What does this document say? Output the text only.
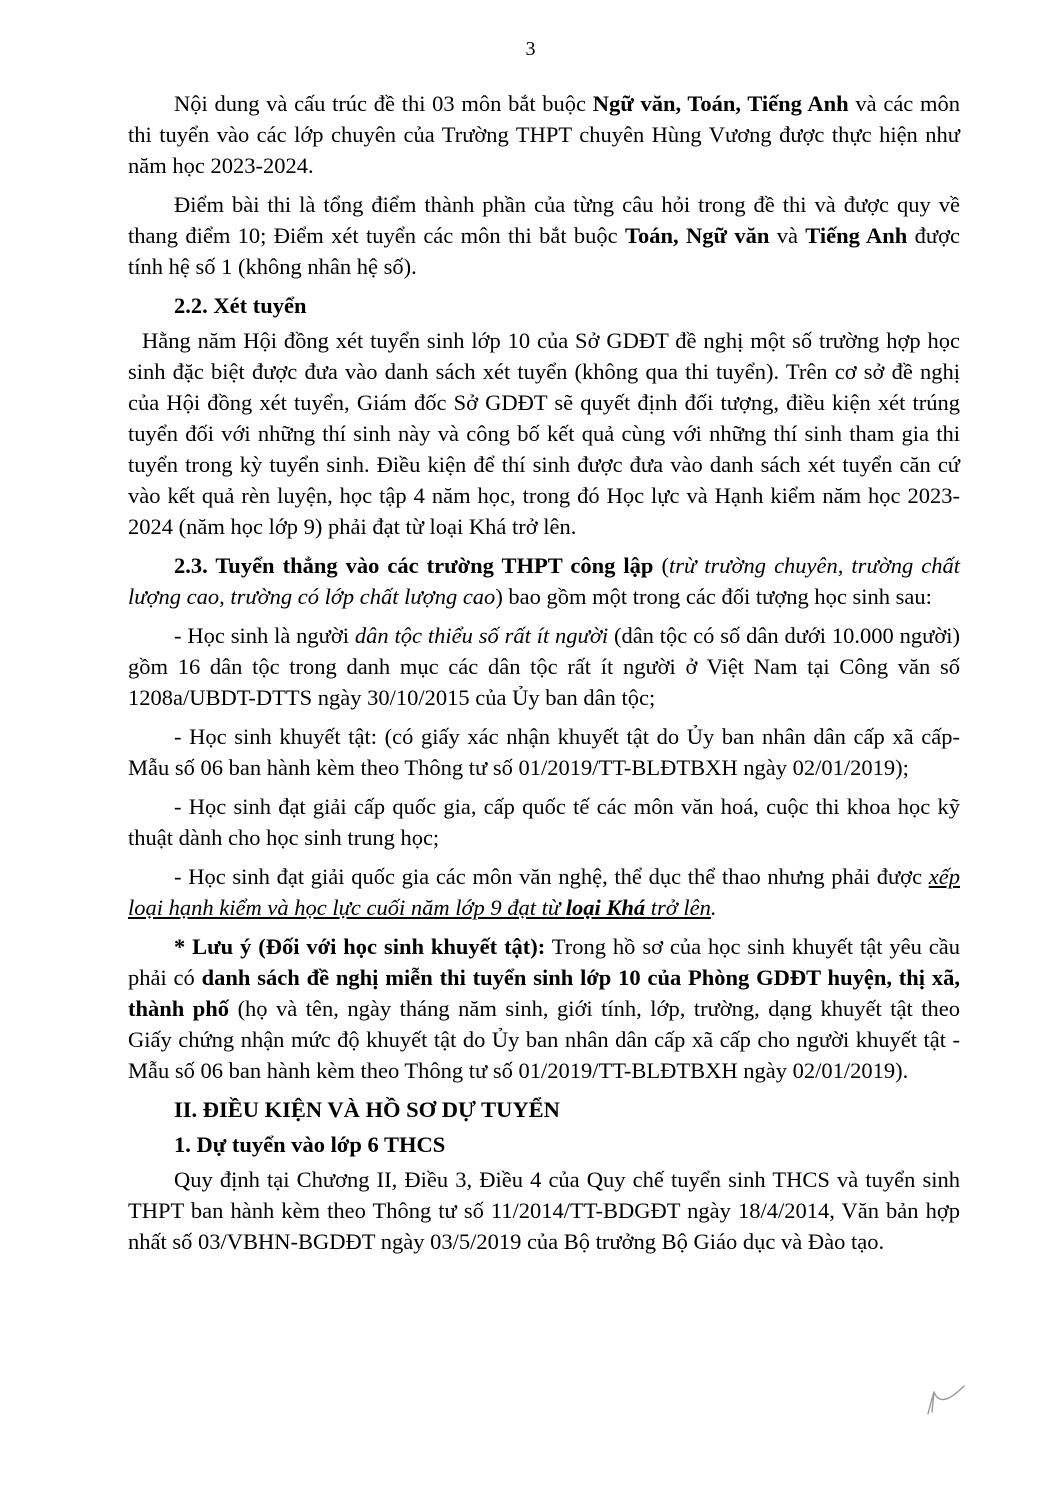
3

Nội dung và cấu trúc đề thi 03 môn bắt buộc Ngữ văn, Toán, Tiếng Anh và các môn thi tuyển vào các lớp chuyên của Trường THPT chuyên Hùng Vương được thực hiện như năm học 2023-2024.

Điểm bài thi là tổng điểm thành phần của từng câu hỏi trong đề thi và được quy về thang điểm 10; Điểm xét tuyển các môn thi bắt buộc Toán, Ngữ văn và Tiếng Anh được tính hệ số 1 (không nhân hệ số).

2.2. Xét tuyển

Hằng năm Hội đồng xét tuyển sinh lớp 10 của Sở GDĐT đề nghị một số trường hợp học sinh đặc biệt được đưa vào danh sách xét tuyển (không qua thi tuyển). Trên cơ sở đề nghị của Hội đồng xét tuyển, Giám đốc Sở GDĐT sẽ quyết định đối tượng, điều kiện xét trúng tuyển đối với những thí sinh này và công bố kết quả cùng với những thí sinh tham gia thi tuyển trong kỳ tuyển sinh. Điều kiện để thí sinh được đưa vào danh sách xét tuyển căn cứ vào kết quả rèn luyện, học tập 4 năm học, trong đó Học lực và Hạnh kiểm năm học 2023-2024 (năm học lớp 9) phải đạt từ loại Khá trở lên.

2.3. Tuyển thẳng vào các trường THPT công lập (trừ trường chuyên, trường chất lượng cao, trường có lớp chất lượng cao) bao gồm một trong các đối tượng học sinh sau:

- Học sinh là người dân tộc thiểu số rất ít người (dân tộc có số dân dưới 10.000 người) gồm 16 dân tộc trong danh mục các dân tộc rất ít người ở Việt Nam tại Công văn số 1208a/UBDT-DTTS ngày 30/10/2015 của Ủy ban dân tộc;

- Học sinh khuyết tật: (có giấy xác nhận khuyết tật do Ủy ban nhân dân cấp xã cấp-Mẫu số 06 ban hành kèm theo Thông tư số 01/2019/TT-BLĐTBXH ngày 02/01/2019);

- Học sinh đạt giải cấp quốc gia, cấp quốc tế các môn văn hoá, cuộc thi khoa học kỹ thuật dành cho học sinh trung học;

- Học sinh đạt giải quốc gia các môn văn nghệ, thể dục thể thao nhưng phải được xếp loại hạnh kiểm và học lực cuối năm lớp 9 đạt từ loại Khá trở lên.

* Lưu ý (Đối với học sinh khuyết tật): Trong hồ sơ của học sinh khuyết tật yêu cầu phải có danh sách đề nghị miễn thi tuyển sinh lớp 10 của Phòng GDĐT huyện, thị xã, thành phố (họ và tên, ngày tháng năm sinh, giới tính, lớp, trường, dạng khuyết tật theo Giấy chứng nhận mức độ khuyết tật do Ủy ban nhân dân cấp xã cấp cho người khuyết tật - Mẫu số 06 ban hành kèm theo Thông tư số 01/2019/TT-BLĐTBXH ngày 02/01/2019).

II. ĐIỀU KIỆN VÀ HỒ SƠ DỰ TUYỂN

1. Dự tuyển vào lớp 6 THCS

Quy định tại Chương II, Điều 3, Điều 4 của Quy chế tuyển sinh THCS và tuyển sinh THPT ban hành kèm theo Thông tư số 11/2014/TT-BDGĐT ngày 18/4/2014, Văn bản hợp nhất số 03/VBHN-BGDĐT ngày 03/5/2019 của Bộ trưởng Bộ Giáo dục và Đào tạo.
